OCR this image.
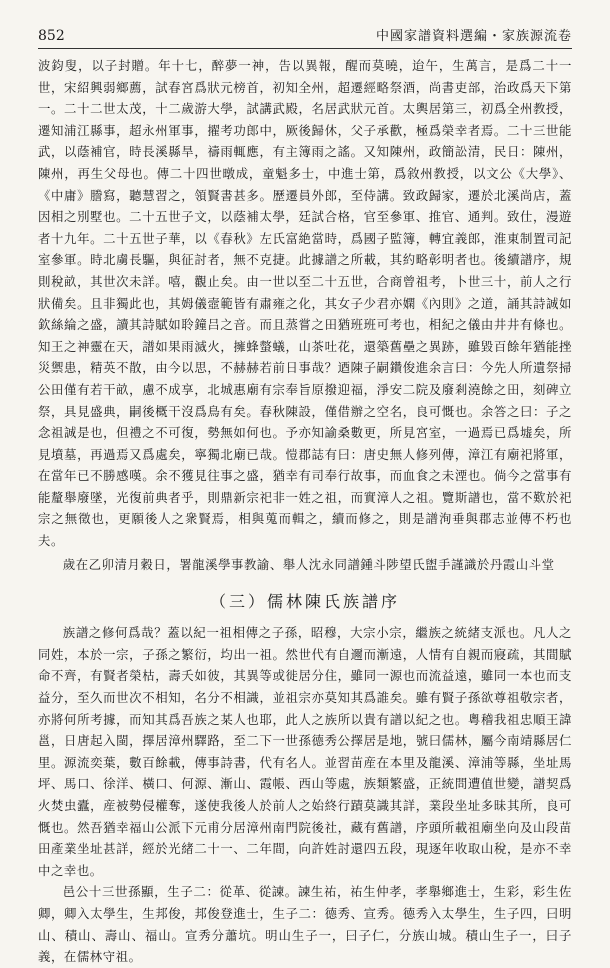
852	中國家譜資料選編・家族源流卷

波鈞叟，以子封贈。年十七，醉夢一神，告以異報，醒而莫曉，迨午，生萬言，是爲二十一世，宋紹興弱鄉薦，試春宮爲狀元榜首，初知全州，超遷經略祭酒，尚書吏部，治政爲天下第一。二十二世太茂，十二歲游大學，試講武殿，名居武狀元首。太輿居第三，初爲全州教授，遷知浦江縣事，超永州軍事，擢考功郎中，厥後歸休，父子承歡，極爲榮幸者焉。二十三世能武，以蔭補官，時長溪縣旱，禱雨輒應，有主簿雨之謠。又知陳州，政簡訟清，民日：陳州，陳州，再生父母也。傳二十四世暾成，童魁多士，中進士第，爲敘州教授，以文公《大學》、《中庸》謄寫，聽慧習之，領賢書甚多。歷遷員外郎，至侍講。致政歸家，遷於北溪尚店，蓋因相之別墅也。二十五世子文，以蔭補太學，廷試合格，官至參軍、推官、通判。致仕，漫遊者十九年。二十五世子華，以《春秋》左氏富絶當時，爲國子監簿，轉宜義郎，淮東制置司記室參軍。時北虜長驅，與征討者，無不克捷。此據譜之所載，其約略彰明者也。後續譜序，規則稅畝，其世次未詳。嘻，觀止矣。由一世以至二十五世，合商曾祖考，卜世三十，前人之行狀備矣。且非獨此也，其姆儀壼範皆有肅雍之化，其女子少君亦嫻《內則》之道，誦其詩誠如欽絲綸之盛，讀其詩賦如聆鐘吕之音。而且蒸嘗之田猶班班可考也，相紀之儀由井井有條也。知王之神靈在天，譜如果雨滅火，擁蜂螫蟻，山茶吐花，還築舊壘之異跡，雖毀百餘年猶能挫災禦患，精英不散，由今以思，不赫赫若前日事哉？迺陳子嗣鑽俊進余言曰：今先人所遺祭掃公田僅有若干畝，慮不成享，北城惠廟有宗奉旨原撥迎福，淨安二院及廢剎澆餘之田，刻碑立祭，具見盛典，嗣後概干沒爲鳥有矣。春秋陳設，僅借辦之空名，良可慨也。余答之曰：子之念祖誠是也，但禮之不可復，勢無如何也。予亦知諭桑數更，所見宮室，一過焉已爲墟矣，所見墳墓，再過焉又爲處矣，寧獨北廟已哉。愷郡誌有曰：唐史無人修列傳，漳江有廟祀將軍，在當年已不勝感嘆。余不獲見往事之盛，猶幸有司奉行故事，而血食之未湮也。倘今之當事有能釐舉廢墜，光復前典者乎，則鼎新宗祀非一姓之祖，而實漳人之祖。覽斯譜也，當不歎於祀宗之無徵也，更願後人之衆賢焉，相與蒐而輯之，續而修之，則是譜洵垂與郡志並傳不朽也夫。

歲在乙卯清月穀日，署龍溪學事教諭、舉人沈永同譜鍾斗陟望氏盥手謹識於丹霞山斗堂

（三）儒林陳氏族譜序

族譜之修何爲哉？蓋以紀一祖相傳之子孫，昭穆，大宗小宗，繼族之統緒支派也。凡人之同姓，本於一宗，子孫之繁衍，均出一祖。然世代有自邇而漸遠，人情有自親而寢疏，其間賦命不齊，有賢者榮枯，壽夭如彼，其異等或徙居分住，雖同一源也而流益遠，雖同一本也而支益分，至久而世次不相知，名分不相識，並祖宗亦莫知其爲誰矣。雖有賢子孫欲尊祖敬宗者，亦將何所考據，而知其爲吾族之某人也耶，此人之族所以貴有譜以紀之也。粵稽我祖忠順王諱邕，日唐起入閩，擇居漳州驛路，至二下一世孫德秀公擇居是地，號曰儒林，屬今南靖縣居仁里。源流奕葉，數百餘載，傳事詩書，代有名人。並習苗産在本里及龍溪、漳浦等縣，坐址馬坪、馬口、徐洋、橫口、何源、漸山、霞帳、西山等處，族類繁盛，正統問遭值世變，譜契爲火焚虫蠹，産被勢侵權奪，遂使我後人於前人之始終行蹟莫識其詳，業段坐址多昧其所，良可慨也。然吾猶幸福山公派下元甫分居漳州南門院後社，藏有舊譜，序頭所載祖廟坐向及山段苗田產業坐址甚詳，經於光緒二十一、二年間，向許姓討還四五段，現逐年收取山稅，是亦不幸中之幸也。

邑公十三世孫顯，生子二：從革、從諫。諫生祐，祐生仲孝，孝舉鄉進士，生彩，彩生佐卿，卿入太學生，生邦俊，邦俊登進士，生子二：德秀、宣秀。德秀入太學生，生子四，曰明山、積山、壽山、福山。宣秀分蕭坑。明山生子一，曰子仁，分族山城。積山生子一，曰子義，在儒林守祖。
